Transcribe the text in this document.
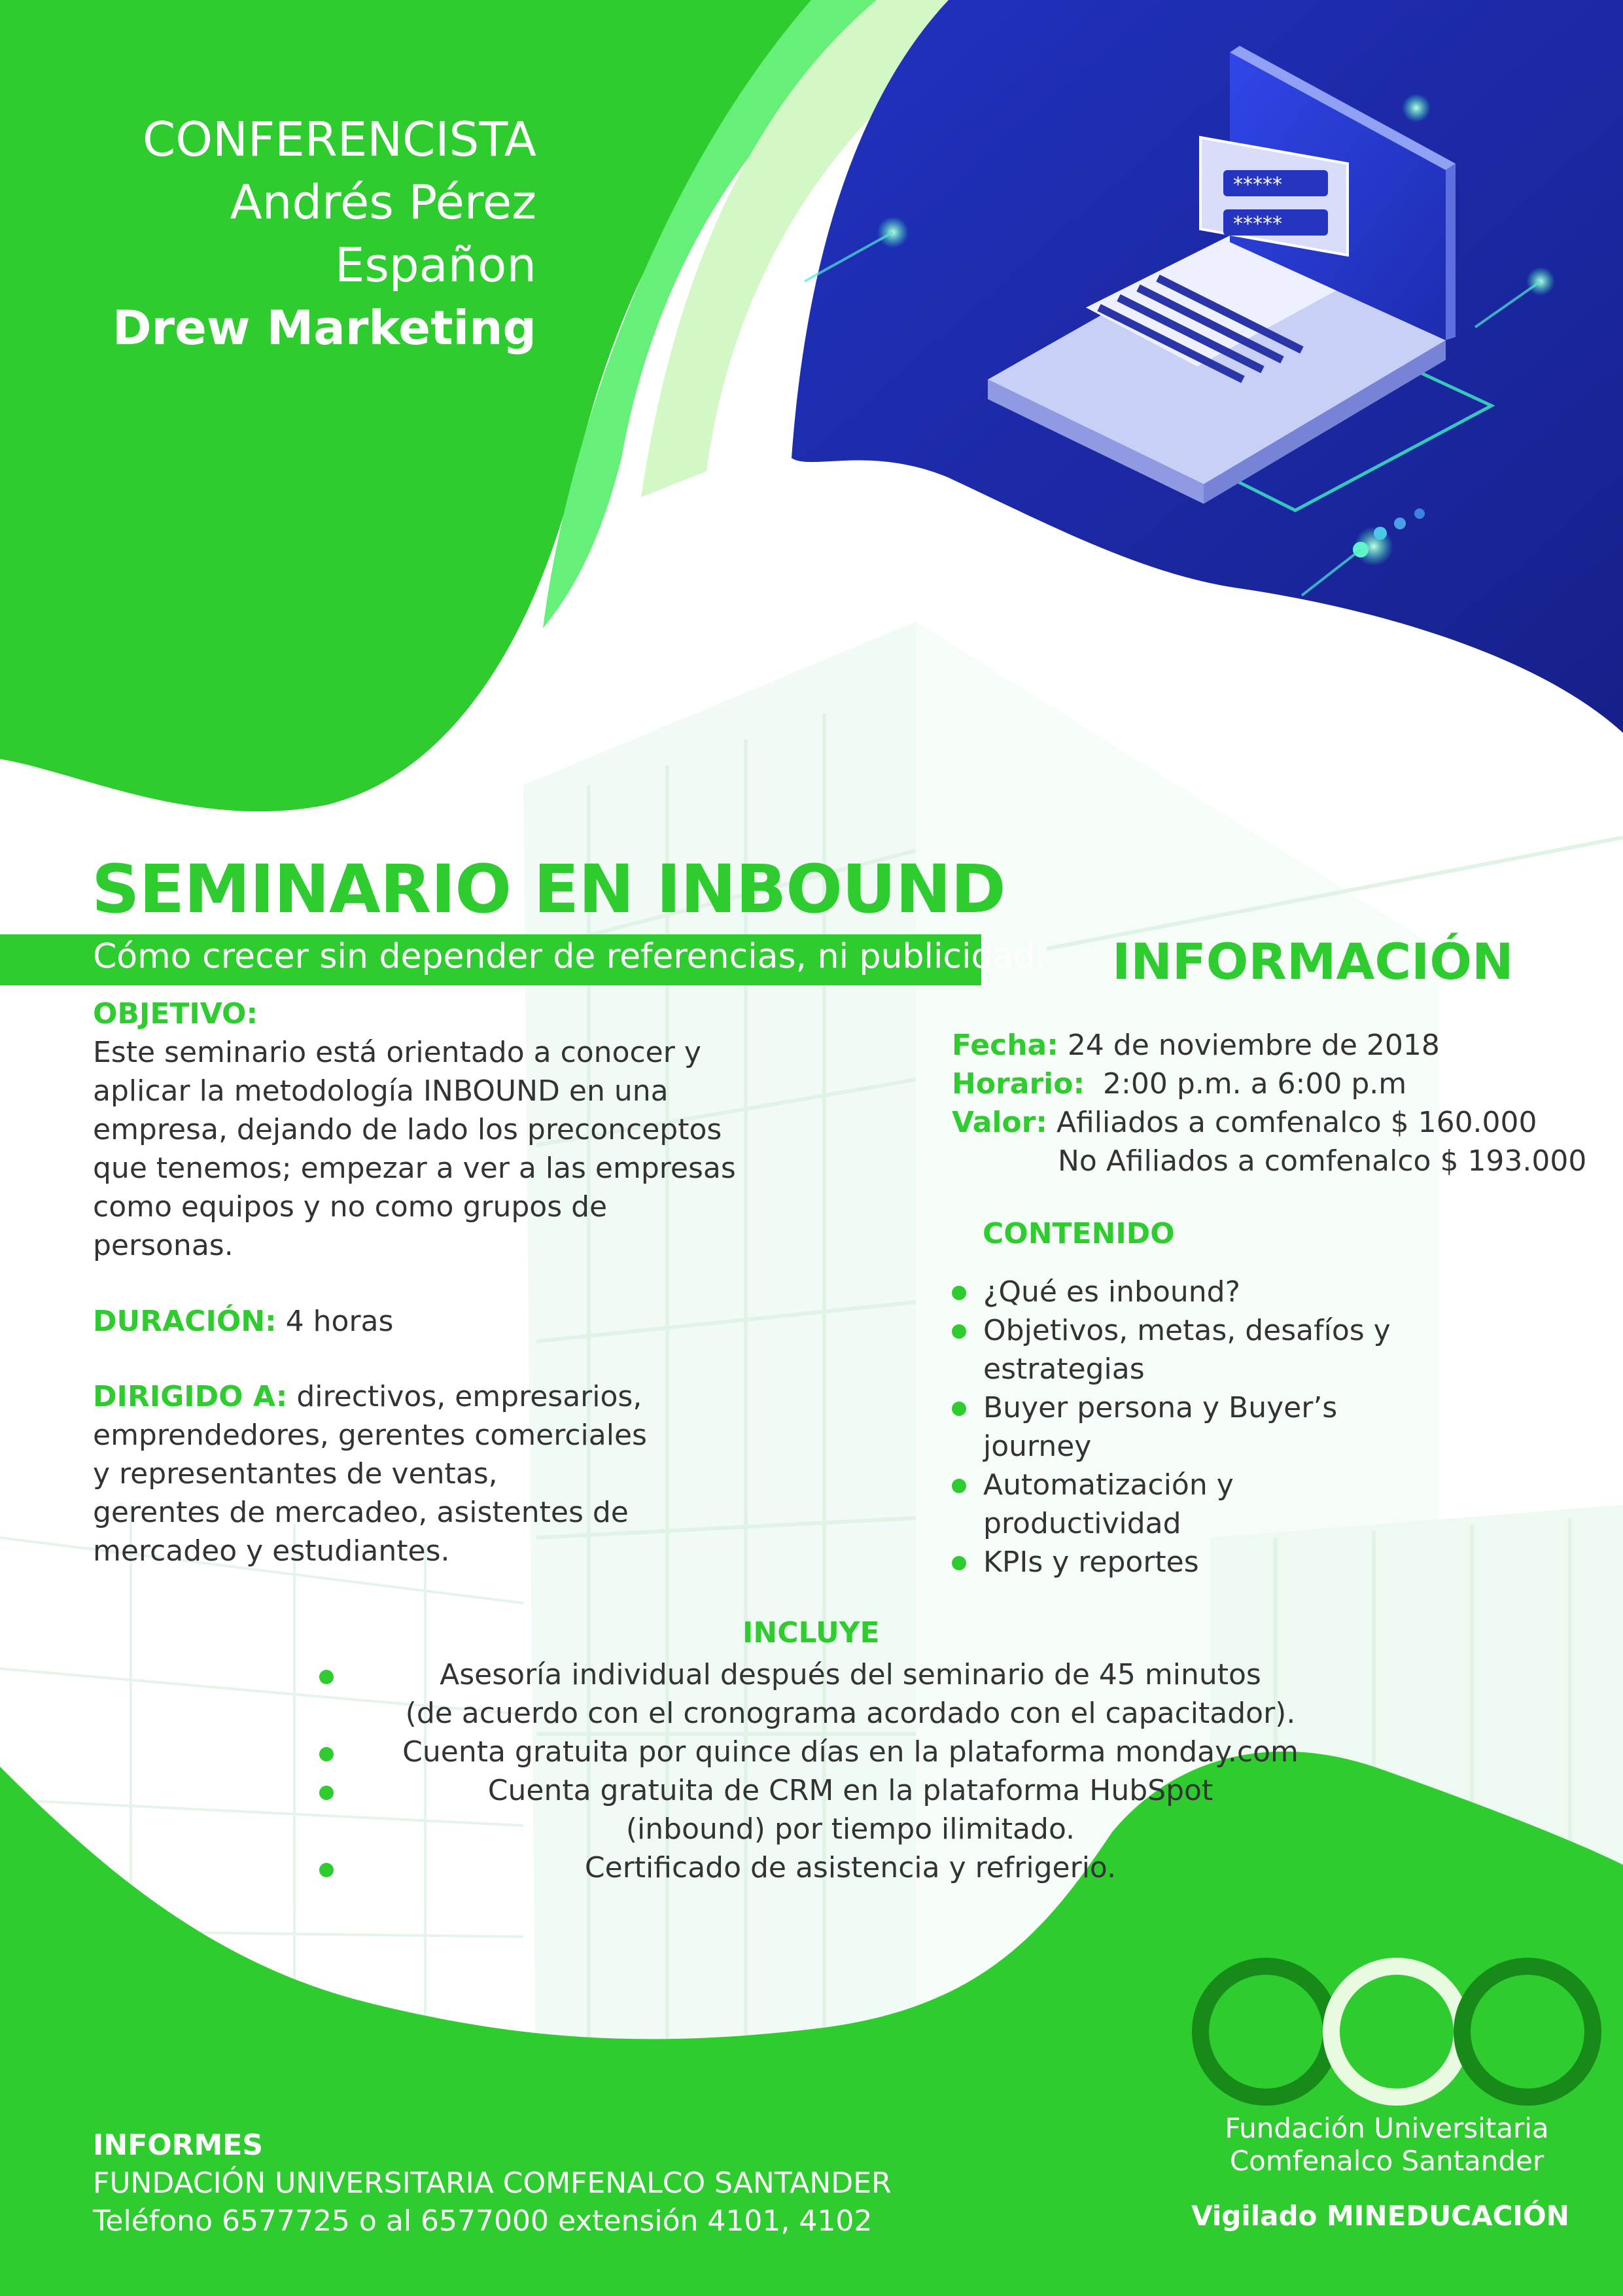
*****
*****
CONFERENCISTA
Andrés Pérez
Españon
Drew Marketing
SEMINARIO EN INBOUND
Cómo crecer sin depender de referencias, ni publicidad.
OBJETIVO:
Este seminario está orientado a conocer y
aplicar la metodología INBOUND en una
empresa, dejando de lado los preconceptos
que tenemos; empezar a ver a las empresas
como equipos y no como grupos de personas.
DURACIÓN: 4 horas
DIRIGIDO A: directivos, empresarios,
emprendedores, gerentes comerciales
y representantes de ventas,
gerentes de mercadeo, asistentes de
mercadeo y estudiantes.
INFORMACIÓN
Fecha: 24 de noviembre de 2018
Horario: 2:00 p.m. a 6:00 p.m
Valor: Afiliados a comfenalco $ 160.000
No Afiliados a comfenalco $ 193.000
CONTENIDO
¿Qué es inbound?
Objetivos, metas, desafíos y
estrategias
Buyer persona y Buyer’s
journey
Automatización y
productividad
KPIs y reportes
INCLUYE
Asesoría individual después del seminario de 45 minutos
(de acuerdo con el cronograma acordado con el capacitador).
Cuenta gratuita por quince días en la plataforma monday.com
Cuenta gratuita de CRM en la plataforma HubSpot
(inbound) por tiempo ilimitado.
Certificado de asistencia y refrigerio.
INFORMES
FUNDACIÓN UNIVERSITARIA COMFENALCO SANTANDER
Teléfono 6577725 o al 6577000 extensión 4101, 4102
Fundación Universitaria
Comfenalco Santander
Vigilado MINEDUCACIÓN
